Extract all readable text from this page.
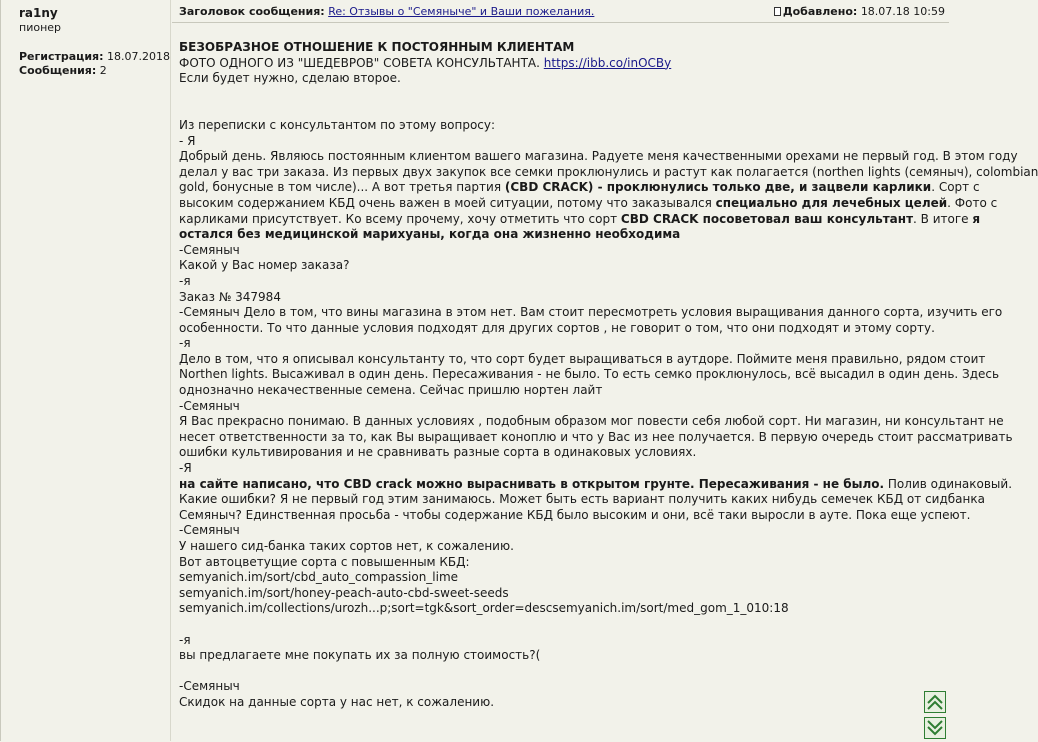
ra1ny
пионер
Регистрация: 18.07.2018
Сообщения: 2
Заголовок сообщения: Re: Отзывы о "Семяныче" и Ваши пожелания.	Добавлено: 18.07.18 10:59
БЕЗОБРАЗНОЕ ОТНОШЕНИЕ К ПОСТОЯННЫМ КЛИЕНТАМ
ФОТО ОДНОГО ИЗ "ШЕДЕВРОВ" СОВЕТА КОНСУЛЬТАНТА. https://ibb.co/inOCBy
Если будет нужно, сделаю второе.
Из переписки с консультантом по этому вопросу:
- Я
Добрый день. Являюсь постоянным клиентом вашего магазина. Радуете меня качественными орехами не первый год. В этом году
делал у вас три заказа. Из первых двух закупок все семки проклюнулись и растут как полагается (northen lights (семяныч), colombian
gold, бонусные в том числе)... А вот третья партия (CBD CRACK) - проклюнулись только две, и зацвели карлики. Сорт с
высоким содержанием КБД очень важен в моей ситуации, потому что заказывался специально для лечебных целей. Фото с
карликами присутствует. Ко всему прочему, хочу отметить что сорт CBD CRACK посоветовал ваш консультант. В итоге я
остался без медицинской марихуаны, когда она жизненно необходима
-Семяныч
Какой у Вас номер заказа?
-я
Заказ № 347984
-Семяныч Дело в том, что вины магазина в этом нет. Вам стоит пересмотреть условия выращивания данного сорта, изучить его
особенности. То что данные условия подходят для других сортов , не говорит о том, что они подходят и этому сорту.
-я
Дело в том, что я описывал консультанту то, что сорт будет выращиваться в аутдоре. Поймите меня правильно, рядом стоит
Northen lights. Высаживал в один день. Пересаживания - не было. То есть семко проклюнулось, всё высадил в один день. Здесь
однозначно некачественные семена. Сейчас пришлю нортен лайт
-Семяныч
Я Вас прекрасно понимаю. В данных условиях , подобным образом мог повести себя любой сорт. Ни магазин, ни консультант не
несет ответственности за то, как Вы выращивает коноплю и что у Вас из нее получается. В первую очередь стоит рассматривать
ошибки культивирования и не сравнивать разные сорта в одинаковых условиях.
-Я
на сайте написано, что CBD crack можно выраснивать в открытом грунте. Пересаживания - не было. Полив одинаковый.
Какие ошибки? Я не первый год этим занимаюсь. Может быть есть вариант получить каких нибудь семечек КБД от сидбанка
Семяныч? Единственная просьба - чтобы содержание КБД было высоким и они, всё таки выросли в ауте. Пока еще успеют.
-Семяныч
У нашего сид-банка таких сортов нет, к сожалению.
Вот автоцветущие сорта с повышенным КБД:
semyanich.im/sort/cbd_auto_compassion_lime
semyanich.im/sort/honey-peach-auto-cbd-sweet-seeds
semyanich.im/collections/urozh...p;sort=tgk&sort_order=descsemyanich.im/sort/med_gom_1_010:18
-я
вы предлагаете мне покупать их за полную стоимость?(
-Семяныч
Скидок на данные сорта у нас нет, к сожалению.
